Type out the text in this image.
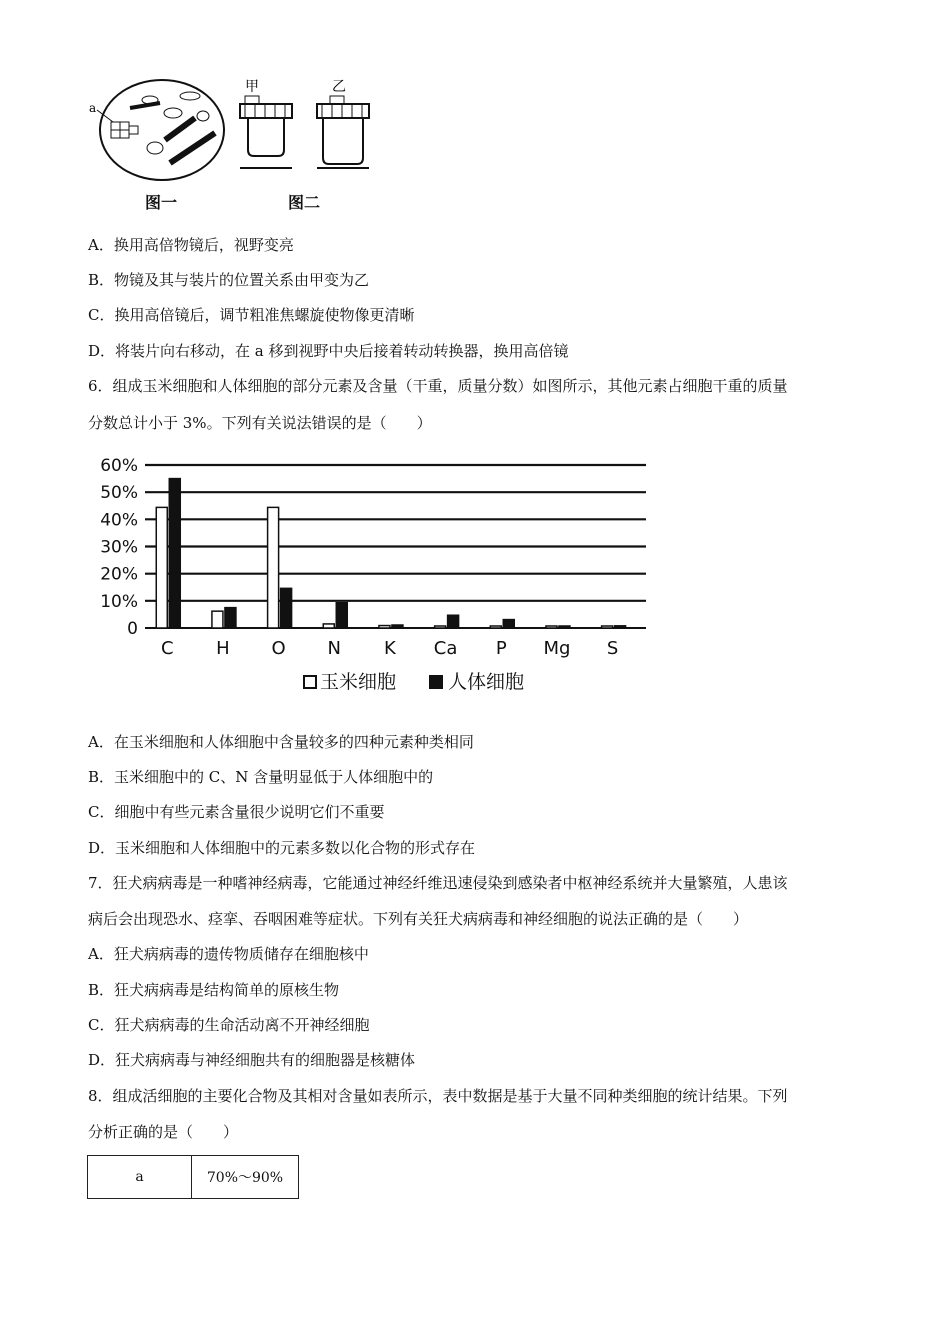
a
甲	乙
图一	图二
A．换用高倍物镜后，视野变亮
B．物镜及其与装片的位置关系由甲变为乙
C．换用高倍镜后，调节粗准焦螺旋使物像更清晰
D．将装片向右移动，在 a 移到视野中央后接着转动转换器，换用高倍镜
6．组成玉米细胞和人体细胞的部分元素及含量（干重，质量分数）如图所示，其他元素占细胞干重的质量
分数总计小于 3%。下列有关说法错误的是（　　）
60%
50%
40%
30%
20%
10%
0
C H O N K Ca P Mg S
玉米细胞	人体细胞
A．在玉米细胞和人体细胞中含量较多的四种元素种类相同
B．玉米细胞中的 C、N 含量明显低于人体细胞中的
C．细胞中有些元素含量很少说明它们不重要
D．玉米细胞和人体细胞中的元素多数以化合物的形式存在
7．狂犬病病毒是一种嗜神经病毒，它能通过神经纤维迅速侵染到感染者中枢神经系统并大量繁殖，人患该
病后会出现恐水、痉挛、吞咽困难等症状。下列有关狂犬病病毒和神经细胞的说法正确的是（　　）
A．狂犬病病毒的遗传物质储存在细胞核中
B．狂犬病病毒是结构简单的原核生物
C．狂犬病病毒的生命活动离不开神经细胞
D．狂犬病病毒与神经细胞共有的细胞器是核糖体
8．组成活细胞的主要化合物及其相对含量如表所示，表中数据是基于大量不同种类细胞的统计结果。下列
分析正确的是（　　）
a	70%～90%
